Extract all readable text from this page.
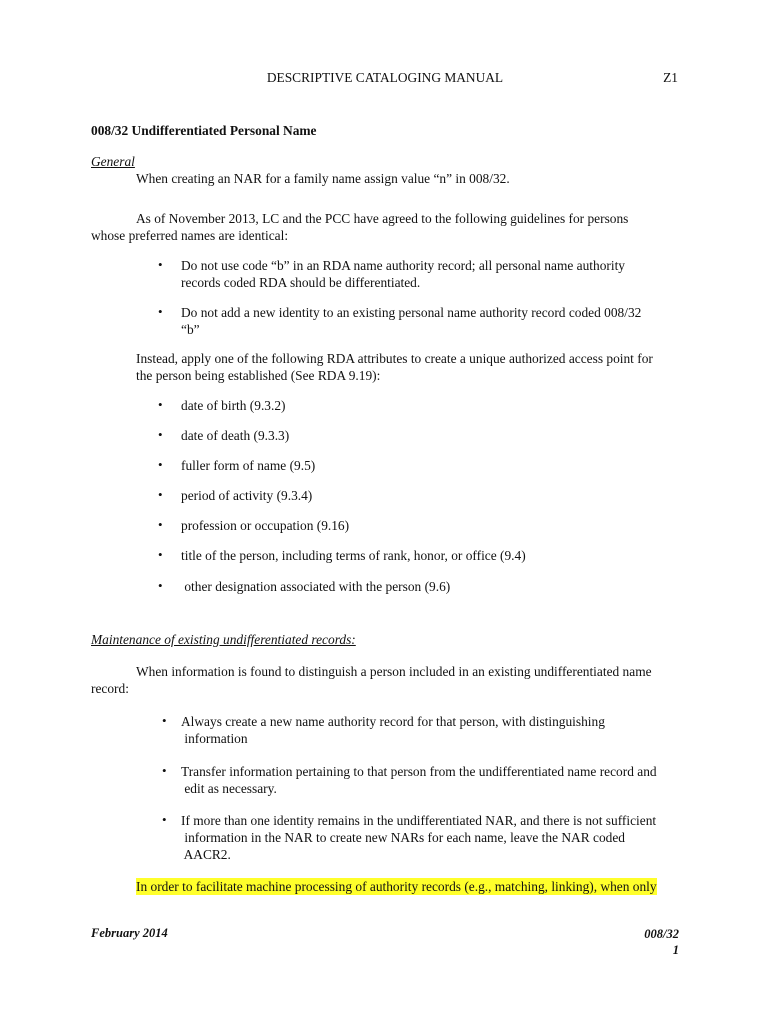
DESCRIPTIVE CATALOGING MANUAL	Z1
008/32 Undifferentiated Personal Name
General
When creating an NAR for a family name assign value “n” in 008/32.
As of November 2013, LC and the PCC have agreed to the following guidelines for persons
whose preferred names are identical:
• Do not use code “b” in an RDA name authority record; all personal name authority
records coded RDA should be differentiated.
• Do not add a new identity to an existing personal name authority record coded 008/32
“b”
Instead, apply one of the following RDA attributes to create a unique authorized access point for
the person being established (See RDA 9.19):
• date of birth (9.3.2)
• date of death (9.3.3)
• fuller form of name (9.5)
• period of activity (9.3.4)
• profession or occupation (9.16)
• title of the person, including terms of rank, honor, or office (9.4)
• other designation associated with the person (9.6)
Maintenance of existing undifferentiated records:
When information is found to distinguish a person included in an existing undifferentiated name
record:
• Always create a new name authority record for that person, with distinguishing
information
• Transfer information pertaining to that person from the undifferentiated name record and
edit as necessary.
• If more than one identity remains in the undifferentiated NAR, and there is not sufficient
information in the NAR to create new NARs for each name, leave the NAR coded
AACR2.
In order to facilitate machine processing of authority records (e.g., matching, linking), when only
February 2014	008/32
1
